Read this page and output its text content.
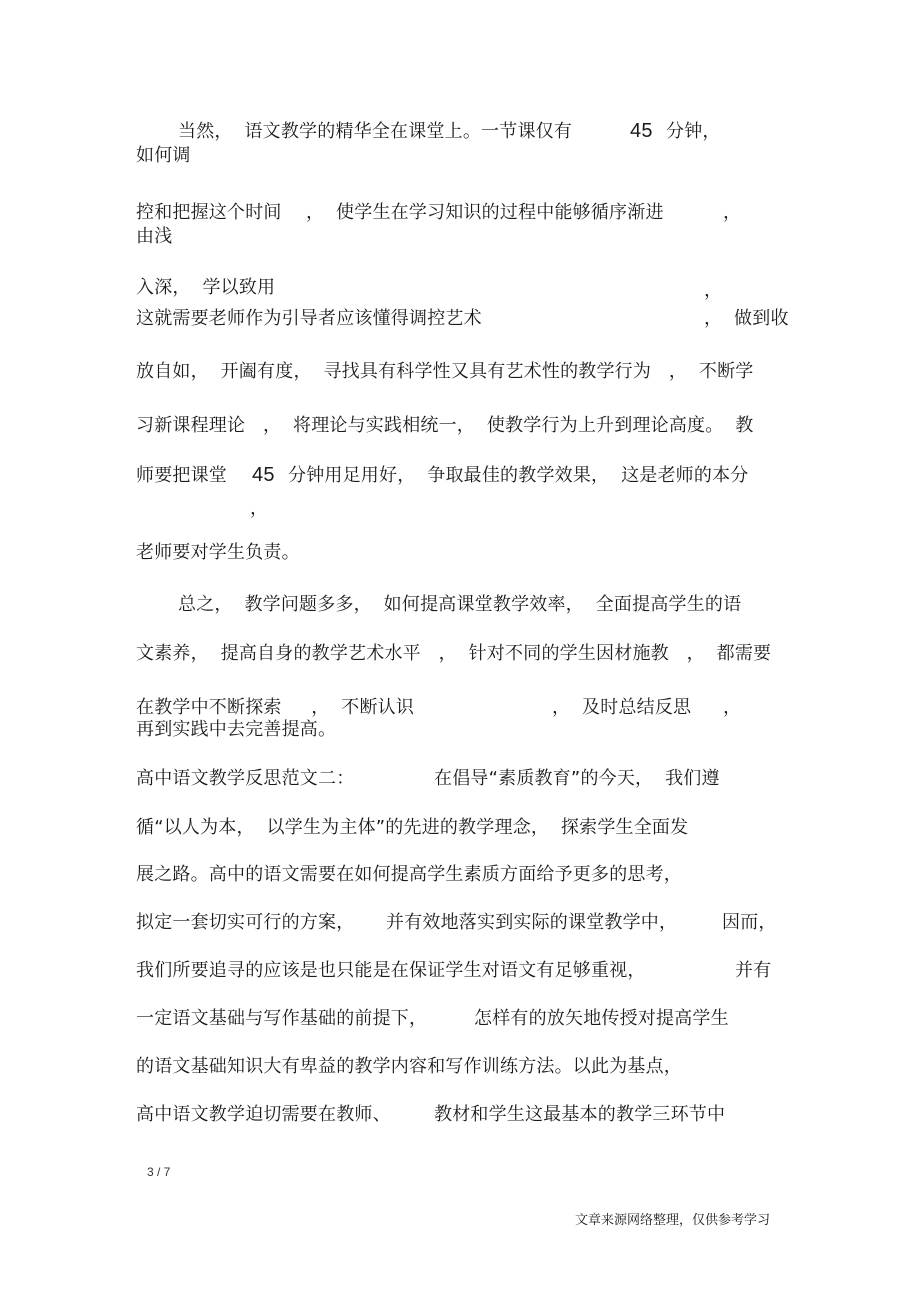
当然，  语文教学的精华全在课堂上。一节课仅有	45 分钟，
如何调
控和把握这个时间 ，  使学生在学习知识的过程中能够循序渐进	，
由浅
入深，  学以致用	，
这就需要老师作为引导者应该懂得调控艺术	，  做到收
放自如，  开阖有度，  寻找具有科学性又具有艺术性的教学行为   ，  不断学
习新课程理论   ，  将理论与实践相统一，  使教学行为上升到理论高度。  教
师要把课堂 45 分钟用足用好，  争取最佳的教学效果，  这是老师的本分
，
老师要对学生负责。
总之，  教学问题多多，  如何提高课堂教学效率，  全面提高学生的语
文素养，  提高自身的教学艺术水平   ，  针对不同的学生因材施教   ，  都需要
在教学中不断探索     ，  不断认识	，  及时总结反思 ，
再到实践中去完善提高。
高中语文教学反思范文二：	在倡导“素质教育”的今天，  我们遵
循“以人为本，  以学生为主体”的先进的教学理念，  探索学生全面发
展之路。高中的语文需要在如何提高学生素质方面给予更多的思考，
拟定一套切实可行的方案， 并有效地落实到实际的课堂教学中， 因而，
我们所要追寻的应该是也只能是在保证学生对语文有足够重视，	并有
一定语文基础与写作基础的前提下，	怎样有的放矢地传授对提高学生
的语文基础知识大有卑益的教学内容和写作训练方法。以此为基点，
高中语文教学迫切需要在教师、 教材和学生这最基本的教学三环节中
3 / 7
文章来源网络整理，仅供参考学习
